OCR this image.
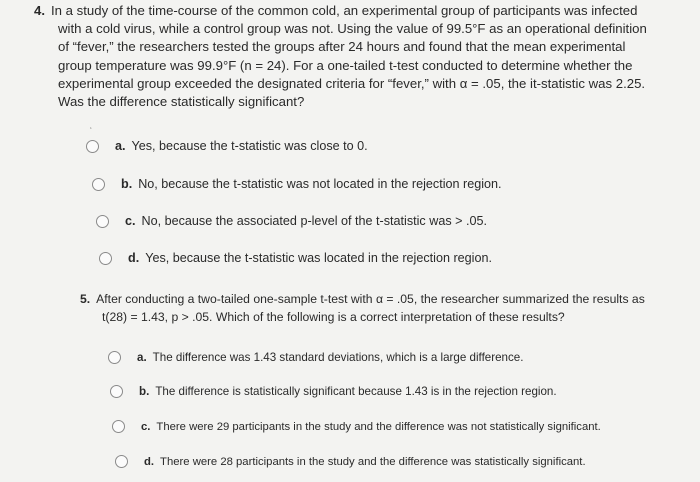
4. In a study of the time-course of the common cold, an experimental group of participants was infected
with a cold virus, while a control group was not. Using the value of 99.5°F as an operational definition
of “fever,” the researchers tested the groups after 24 hours and found that the mean experimental
group temperature was 99.9°F (n = 24). For a one-tailed t-test conducted to determine whether the
experimental group exceeded the designated criteria for “fever,” with α = .05, the it-statistic was 2.25.
Was the difference statistically significant?
‘
a. Yes, because the t-statistic was close to 0.
b. No, because the t-statistic was not located in the rejection region.
c. No, because the associated p-level of the t-statistic was > .05.
d. Yes, because the t-statistic was located in the rejection region.
5. After conducting a two-tailed one-sample t-test with α = .05, the researcher summarized the results as
t(28) = 1.43, p > .05. Which of the following is a correct interpretation of these results?
a. The difference was 1.43 standard deviations, which is a large difference.
b. The difference is statistically significant because 1.43 is in the rejection region.
c. There were 29 participants in the study and the difference was not statistically significant.
d. There were 28 participants in the study and the difference was statistically significant.
